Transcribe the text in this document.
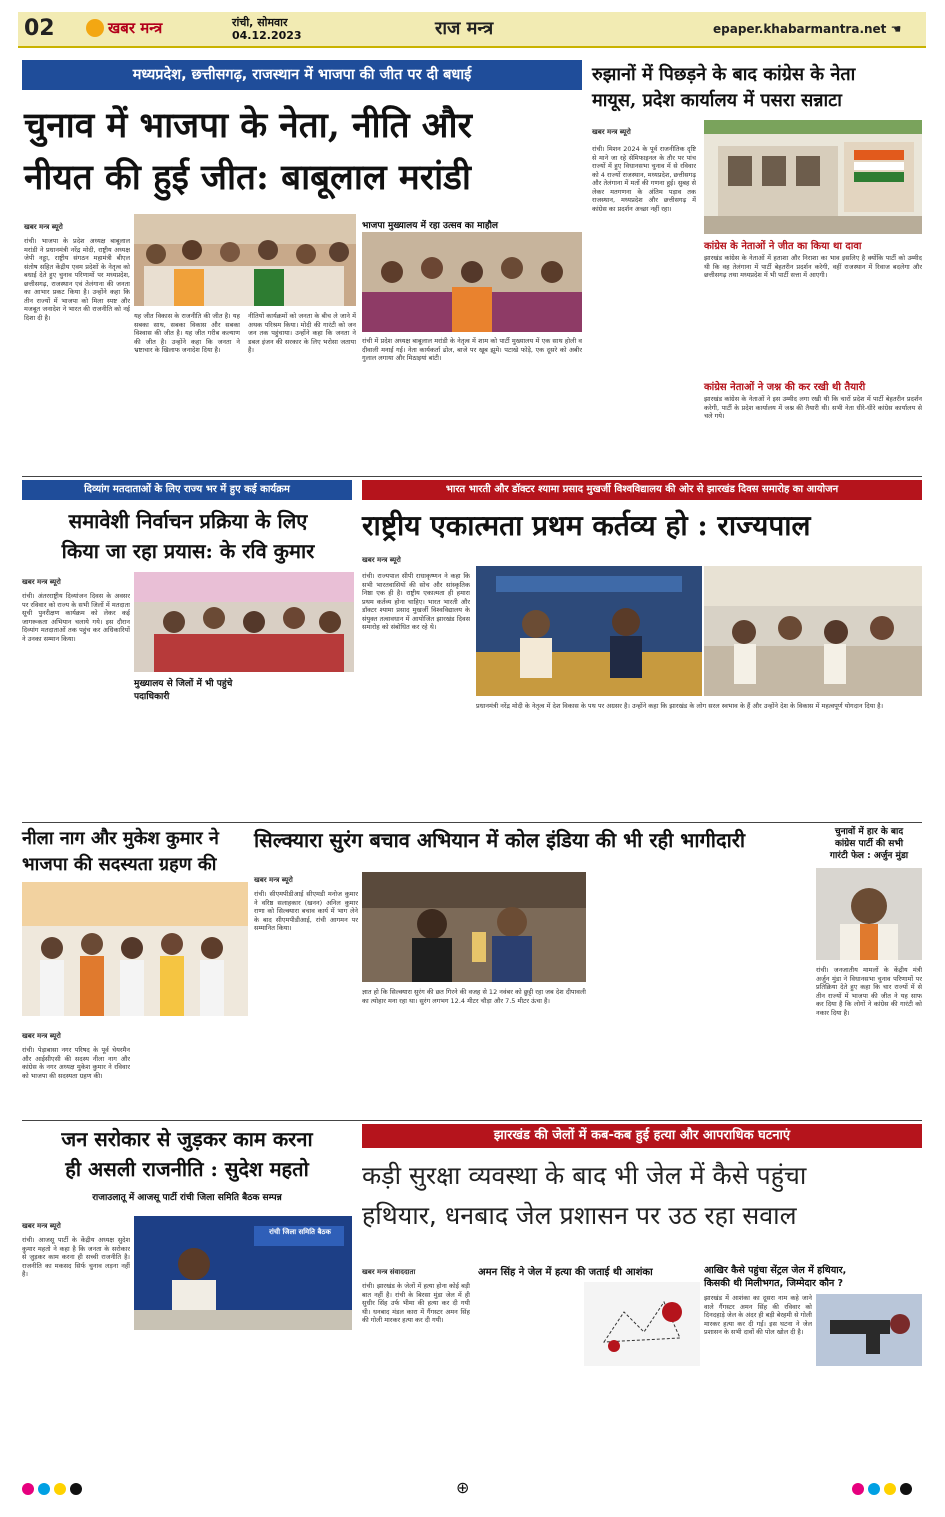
02	खबर मन्त्र	रांची, सोमवार
04.12.2023	राज मन्त्र	epaper.khabarmantra.net ☚
मध्यप्रदेश, छत्तीसगढ़, राजस्थान में भाजपा की जीत पर दी बधाई
चुनाव में भाजपा के नेता, नीति और
नीयत की हुई जीत: बाबूलाल मरांडी
खबर मन्त्र ब्यूरो
रांची। भाजपा के प्रदेश अध्यक्ष बाबूलाल मरांडी ने प्रधानमंत्री नरेंद्र मोदी, राष्ट्रीय अध्यक्ष जेपी नड्डा, राष्ट्रीय संगठन महामंत्री बीएल संतोष सहित केंद्रीय एवम प्रदेशों के नेतृत्व को बधाई देते हुए चुनाव परिणामों पर मध्यप्रदेश, छत्तीसगढ़, राजस्थान एवं तेलंगाना की जनता का आभार प्रकट किया है। उन्होंने कहा कि तीन राज्यों में भाजपा को मिला स्पष्ट और मजबूत जनादेश ने भारत की राजनीति को नई दिशा दी है।	यह जीत विकास के राजनीति की जीत है। यह सबका साथ, सबका विकास और सबका विश्वास की जीत है। यह जीत गरीब कल्याण की जीत है। उन्होंने कहा कि जनता ने भ्रष्टाचार के खिलाफ जनादेश दिया है।
नीतियों कार्यक्रमों को जनता के बीच ले जाने में अथक परिश्रम किया। मोदी की गारंटी को जन जन तक पहुंचाया। उन्होंने कहा कि जनता ने डबल इंजन की सरकार के लिए भरोसा जताया है।
भाजपा मुख्यालय में रहा उत्सव का माहौल
रांची में प्रदेश अध्यक्ष बाबूलाल मरांडी के नेतृत्व में शाम को पार्टी मुख्यालय में एक साथ होली व दीवाली मनाई गई। नेता कार्यकर्ता ढोल, बाजे पर खूब झूमे। पटाखे फोड़े, एक दूसरे को अबीर गुलाल लगाया और मिठाइयां बांटी।
रुझानों में पिछड़ने के बाद कांग्रेस के नेता
मायूस, प्रदेश कार्यालय में पसरा सन्नाटा
खबर मन्त्र ब्यूरो
रांची। मिशन 2024 के पूर्व राजनीतिक दृष्टि से माने जा रहे सेमिफाइनल के तौर पर पांच राज्यों में हुए विधानसभा चुनाव में से रविवार को 4 राज्यों राजस्थान, मध्यप्रदेश, छत्तीसगढ़ और तेलंगाना में मतों की गणना हुई। सुबह से लेकर मतगणना के अंतिम पड़ाव तक राजस्थान, मध्यप्रदेश और छत्तीसगढ़ में कांग्रेस का प्रदर्शन अच्छा नहीं रहा।
कांग्रेस के नेताओं ने जीत का किया था दावा
झारखंड कांग्रेस के नेताओं में हताशा और निराशा का भाव इसलिए है क्योंकि पार्टी को उम्मीद थी कि वह तेलंगाना में पार्टी बेहतरीन प्रदर्शन करेगी, वहीं राजस्थान में रिवाज बदलेगा और छत्तीसगढ़ तथा मध्यप्रदेश में भी पार्टी सत्ता में आएगी।
कांग्रेस नेताओं ने जश्न की कर रखी थी तैयारी
झारखंड कांग्रेस के नेताओं ने इस उम्मीद लगा रखी थी कि चारों प्रदेश में पार्टी बेहतरीन प्रदर्शन करेगी, पार्टी के प्रदेश कार्यालय में जश्न की तैयारी थी। सभी नेता धीरे-धीरे कांग्रेस कार्यालय से चले गये।
दिव्यांग मतदाताओं के लिए राज्य भर में हुए कई कार्यक्रम
समावेशी निर्वाचन प्रक्रिया के लिए
किया जा रहा प्रयास: के रवि कुमार
खबर मन्त्र ब्यूरो
रांची। अंतरराष्ट्रीय दिव्यांजन दिवस के अवसर पर रविवार को राज्य के सभी जिलों में मतदाता सूची पुनरीक्षण कार्यक्रम को लेकर कई जागरूकता अभियान चलाये गये। इस दौरान दिव्यांग मतदाताओं तक पहुंच कर अधिकारियों ने उनका सम्मान किया।
मुख्यालय से जिलों में भी पहुंचे पदाधिकारी
भारत भारती और डॉक्टर श्यामा प्रसाद मुखर्जी विश्वविद्यालय की ओर से झारखंड दिवस समारोह का आयोजन
राष्ट्रीय एकात्मता प्रथम कर्तव्य हो : राज्यपाल
खबर मन्त्र ब्यूरो
रांची। राज्यपाल सीपी राधाकृष्णन ने कहा कि सभी भारतवासियों की सोच और सांस्कृतिक निष्ठा एक ही है। राष्ट्रीय एकात्मता ही हमारा प्रथम कर्तव्य होना चाहिए। भारत भारती और डॉक्टर श्यामा प्रसाद मुखर्जी विश्वविद्यालय के संयुक्त तत्वावधान में आयोजित झारखंड दिवस समारोह को संबोधित कर रहे थे।
प्रधानमंत्री नरेंद्र मोदी के नेतृत्व में देश विकास के पथ पर अग्रसर है। उन्होंने कहा कि झारखंड के लोग सरल स्वभाव के हैं और उन्होंने देश के विकास में महत्वपूर्ण योगदान दिया है।
नीला नाग और मुकेश कुमार ने
भाजपा की सदस्यता ग्रहण की
खबर मन्त्र ब्यूरो
रांची। पेड़ाबासा नगर परिषद के पूर्व चेयरमैन और आईसीएसी की सदस्य नीला नाग और कांग्रेस के नगर अध्यक्ष मुकेश कुमार ने रविवार को भाजपा की सदस्यता ग्रहण की।
सिल्क्यारा सुरंग बचाव अभियान में कोल इंडिया की भी रही भागीदारी
खबर मन्त्र ब्यूरो
रांची। सीएमपीडीआई सीएमडी मनोज कुमार ने वरिष्ठ सलाहकार (खनन) अनिल कुमार राणा को सिल्क्यारा बचाव कार्य में भाग लेने के बाद सीएमपीडीआई, रांची आगमन पर सम्मानित किया।
ज्ञात हो कि सिल्क्यारा सुरंग की छत गिरने की वजह से 12 नवंबर को छुट्टी रहा जब देश दीपावली का त्योहार मना रहा था। सुरंग लगभग 12.4 मीटर चौड़ा और 7.5 मीटर ऊंचा है।
चुनावों में हार के बाद
कांग्रेस पार्टी की सभी
गारंटी फेल : अर्जुन मुंडा
रांची। जनजातीय मामलों के केंद्रीय मंत्री अर्जुन मुंडा ने विधानसभा चुनाव परिणामों पर प्रतिक्रिया देते हुए कहा कि चार राज्यों में से तीन राज्यों में भाजपा की जीत ने यह साफ कर दिया है कि लोगों ने कांग्रेस की गारंटी को नकार दिया है।
जन सरोकार से जुड़कर काम करना
ही असली राजनीति : सुदेश महतो
राजाउलातू में आजसू पार्टी रांची जिला समिति बैठक सम्पन्न
खबर मन्त्र ब्यूरो
रांची। आजसू पार्टी के केंद्रीय अध्यक्ष सुदेश कुमार महतो ने कहा है कि जनता के सरोकार से जुड़कर काम करना ही सच्ची राजनीति है। राजनीति का मकसद सिर्फ चुनाव लड़ना नहीं है।
रांची जिला समिति बैठक
झारखंड की जेलों में कब-कब हुई हत्या और आपराधिक घटनाएं
कड़ी सुरक्षा व्यवस्था के बाद भी जेल में कैसे पहुंचा
हथियार, धनबाद जेल प्रशासन पर उठ रहा सवाल
खबर मन्त्र संवाददाता	अमन सिंह ने जेल में हत्या की जताई थी आशंका
रांची। झारखंड के जेलों में हत्या होना कोई बड़ी बात नहीं है। रांची के बिरसा मुंडा जेल में ही सुधीर सिंह उर्फ भीमा की हत्या कर दी गयी थी। धनबाद मंडल कारा में गैंगस्टर अमन सिंह की गोली मारकर हत्या कर दी गयी।
आखिर कैसे पहुंचा सेंट्रल जेल में हथियार,
किसकी थी मिलीभगत, जिम्मेदार कौन ?
झारखंड में आशंका का दूसरा नाम कहे जाने वाले गैंगस्टर अमन सिंह की रविवार को दिनदहाड़े जेल के अंदर ही बड़ी बेरहमी से गोली मारकर हत्या कर दी गई। इस घटना ने जेल प्रशासन के सभी दावों की पोल खोल दी है।
⊕
